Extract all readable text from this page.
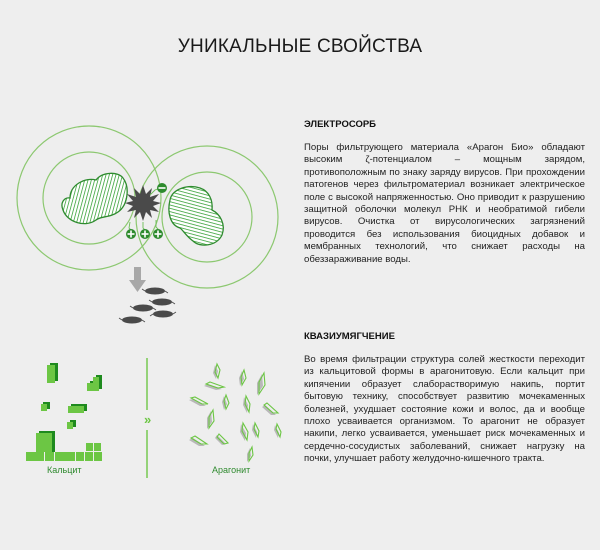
УНИКАЛЬНЫЕ СВОЙСТВА
ЭЛЕКТРОСОРБ
Поры фильтрующего материала «Арагон Био» обладают высоким ζ-потенциалом – мощным зарядом, противоположным по знаку заряду вирусов. При прохождении патогенов через фильтроматериал возникает электрическое поле с высокой напряженностью. Оно приводит к разрушению защитной оболочки молекул РНК и необратимой гибели вирусов. Очистка от вирусологических загрязнений проводится без использования биоцидных добавок и мембранных технологий, что снижает расходы на обеззараживание воды.
КВАЗИУМЯГЧЕНИЕ
Во время фильтрации структура солей жесткости переходит из кальцитовой формы в арагонитовую. Если кальцит при кипячении образует слаборастворимую накипь, портит бытовую технику, способствует развитию мочекаменных болезней, ухудшает состояние кожи и волос, да и вообще плохо усваивается организмом. То арагонит не образует накипи, легко усваивается, уменьшает риск мочекаменных и сердечно-сосудистых заболеваний, снижает нагрузку на почки, улучшает работу желудочно-кишечного тракта.
»
Кальцит	Арагонит
